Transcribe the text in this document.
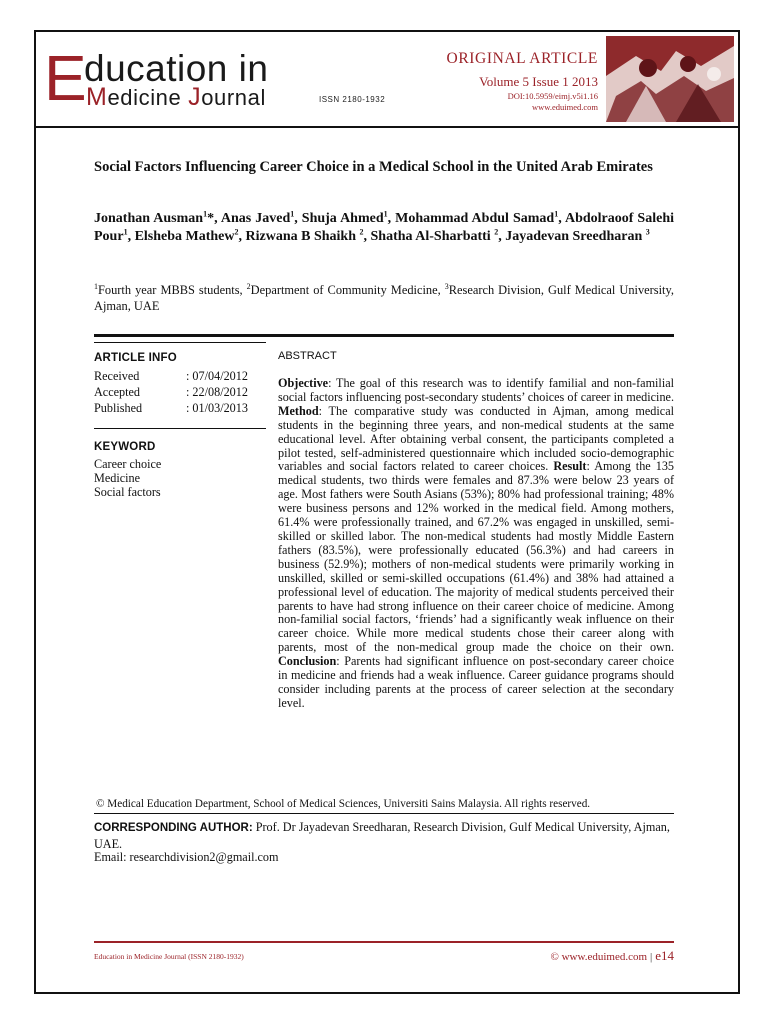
E
ducation in
Medicine Journal	ISSN 2180-1932
ORIGINAL ARTICLE
Volume 5 Issue 1 2013
DOI:10.5959/eimj.v5i1.16
www.eduimed.com
Social Factors Influencing Career Choice in a Medical School in the United Arab Emirates
Jonathan Ausman$^1$*, Anas Javed$^1$, Shuja Ahmed$^1$, Mohammad Abdul Samad$^1$, Abdolraoof Salehi Pour$^1$, Elsheba Mathew$^2$, Rizwana B Shaikh $^2$, Shatha Al-Sharbatti $^2$, Jayadevan Sreedharan $^3$
$^1$Fourth year MBBS students, $^2$Department of Community Medicine, $^3$Research Division, Gulf Medical University, Ajman, UAE
ARTICLE INFO
Received	: 07/04/2012
Accepted	: 22/08/2012
Published	: 01/03/2013
KEYWORD
Career choice
Medicine
Social factors
ABSTRACT
Objective: The goal of this research was to identify familial and non-familial social factors influencing post-secondary students’ choices of career in medicine. Method: The comparative study was conducted in Ajman, among medical students in the beginning three years, and non-medical students at the same educational level. After obtaining verbal consent, the participants completed a pilot tested, self-administered questionnaire which included socio-demographic variables and social factors related to career choices. Result: Among the 135 medical students, two thirds were females and 87.3% were below 23 years of age. Most fathers were South Asians (53%); 80% had professional training; 48% were business persons and 12% worked in the medical field. Among mothers, 61.4% were professionally trained, and 67.2% was engaged in unskilled, semi-skilled or skilled labor. The non-medical students had mostly Middle Eastern fathers (83.5%), were professionally educated (56.3%) and had careers in business (52.9%); mothers of non-medical students were primarily working in unskilled, skilled or semi-skilled occupations (61.4%) and 38% had attained a professional level of education. The majority of medical students perceived their parents to have had strong influence on their career choice of medicine. Among non-familial social factors, ‘friends’ had a significantly weak influence on their career choice. While more medical students chose their career along with parents, most of the non-medical group made the choice on their own. Conclusion: Parents had significant influence on post-secondary career choice in medicine and friends had a weak influence. Career guidance programs should consider including parents at the process of career selection at the secondary level.
© Medical Education Department, School of Medical Sciences, Universiti Sains Malaysia. All rights reserved.
CORRESPONDING AUTHOR: Prof. Dr Jayadevan Sreedharan, Research Division, Gulf Medical University, Ajman, UAE.
Email: researchdivision2@gmail.com
Education in Medicine Journal (ISSN 2180-1932)	© www.eduimed.com | e14
